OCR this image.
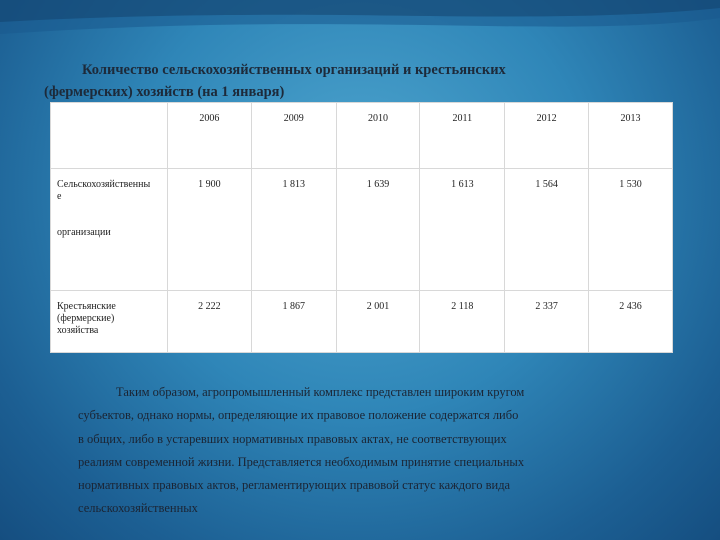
Количество сельскохозяйственных организаций и крестьянских
(фермерских) хозяйств (на 1 января)
	2006	2009	2010	2011	2012	2013
Сельскохозяйственны
е
организации	1 900	1 813	1 639	1 613	1 564	1 530
Крестьянские
(фермерские)
хозяйства	2 222	1 867	2 001	2 118	2 337	2 436
Таким образом, агропромышленный комплекс представлен широким кругом
субъектов, однако нормы, определяющие их правовое положение содержатся либо
в общих, либо в устаревших нормативных правовых актах, не соответствующих
реалиям современной жизни. Представляется необходимым принятие специальных
нормативных правовых актов, регламентирующих правовой статус каждого вида
сельскохозяйственных
